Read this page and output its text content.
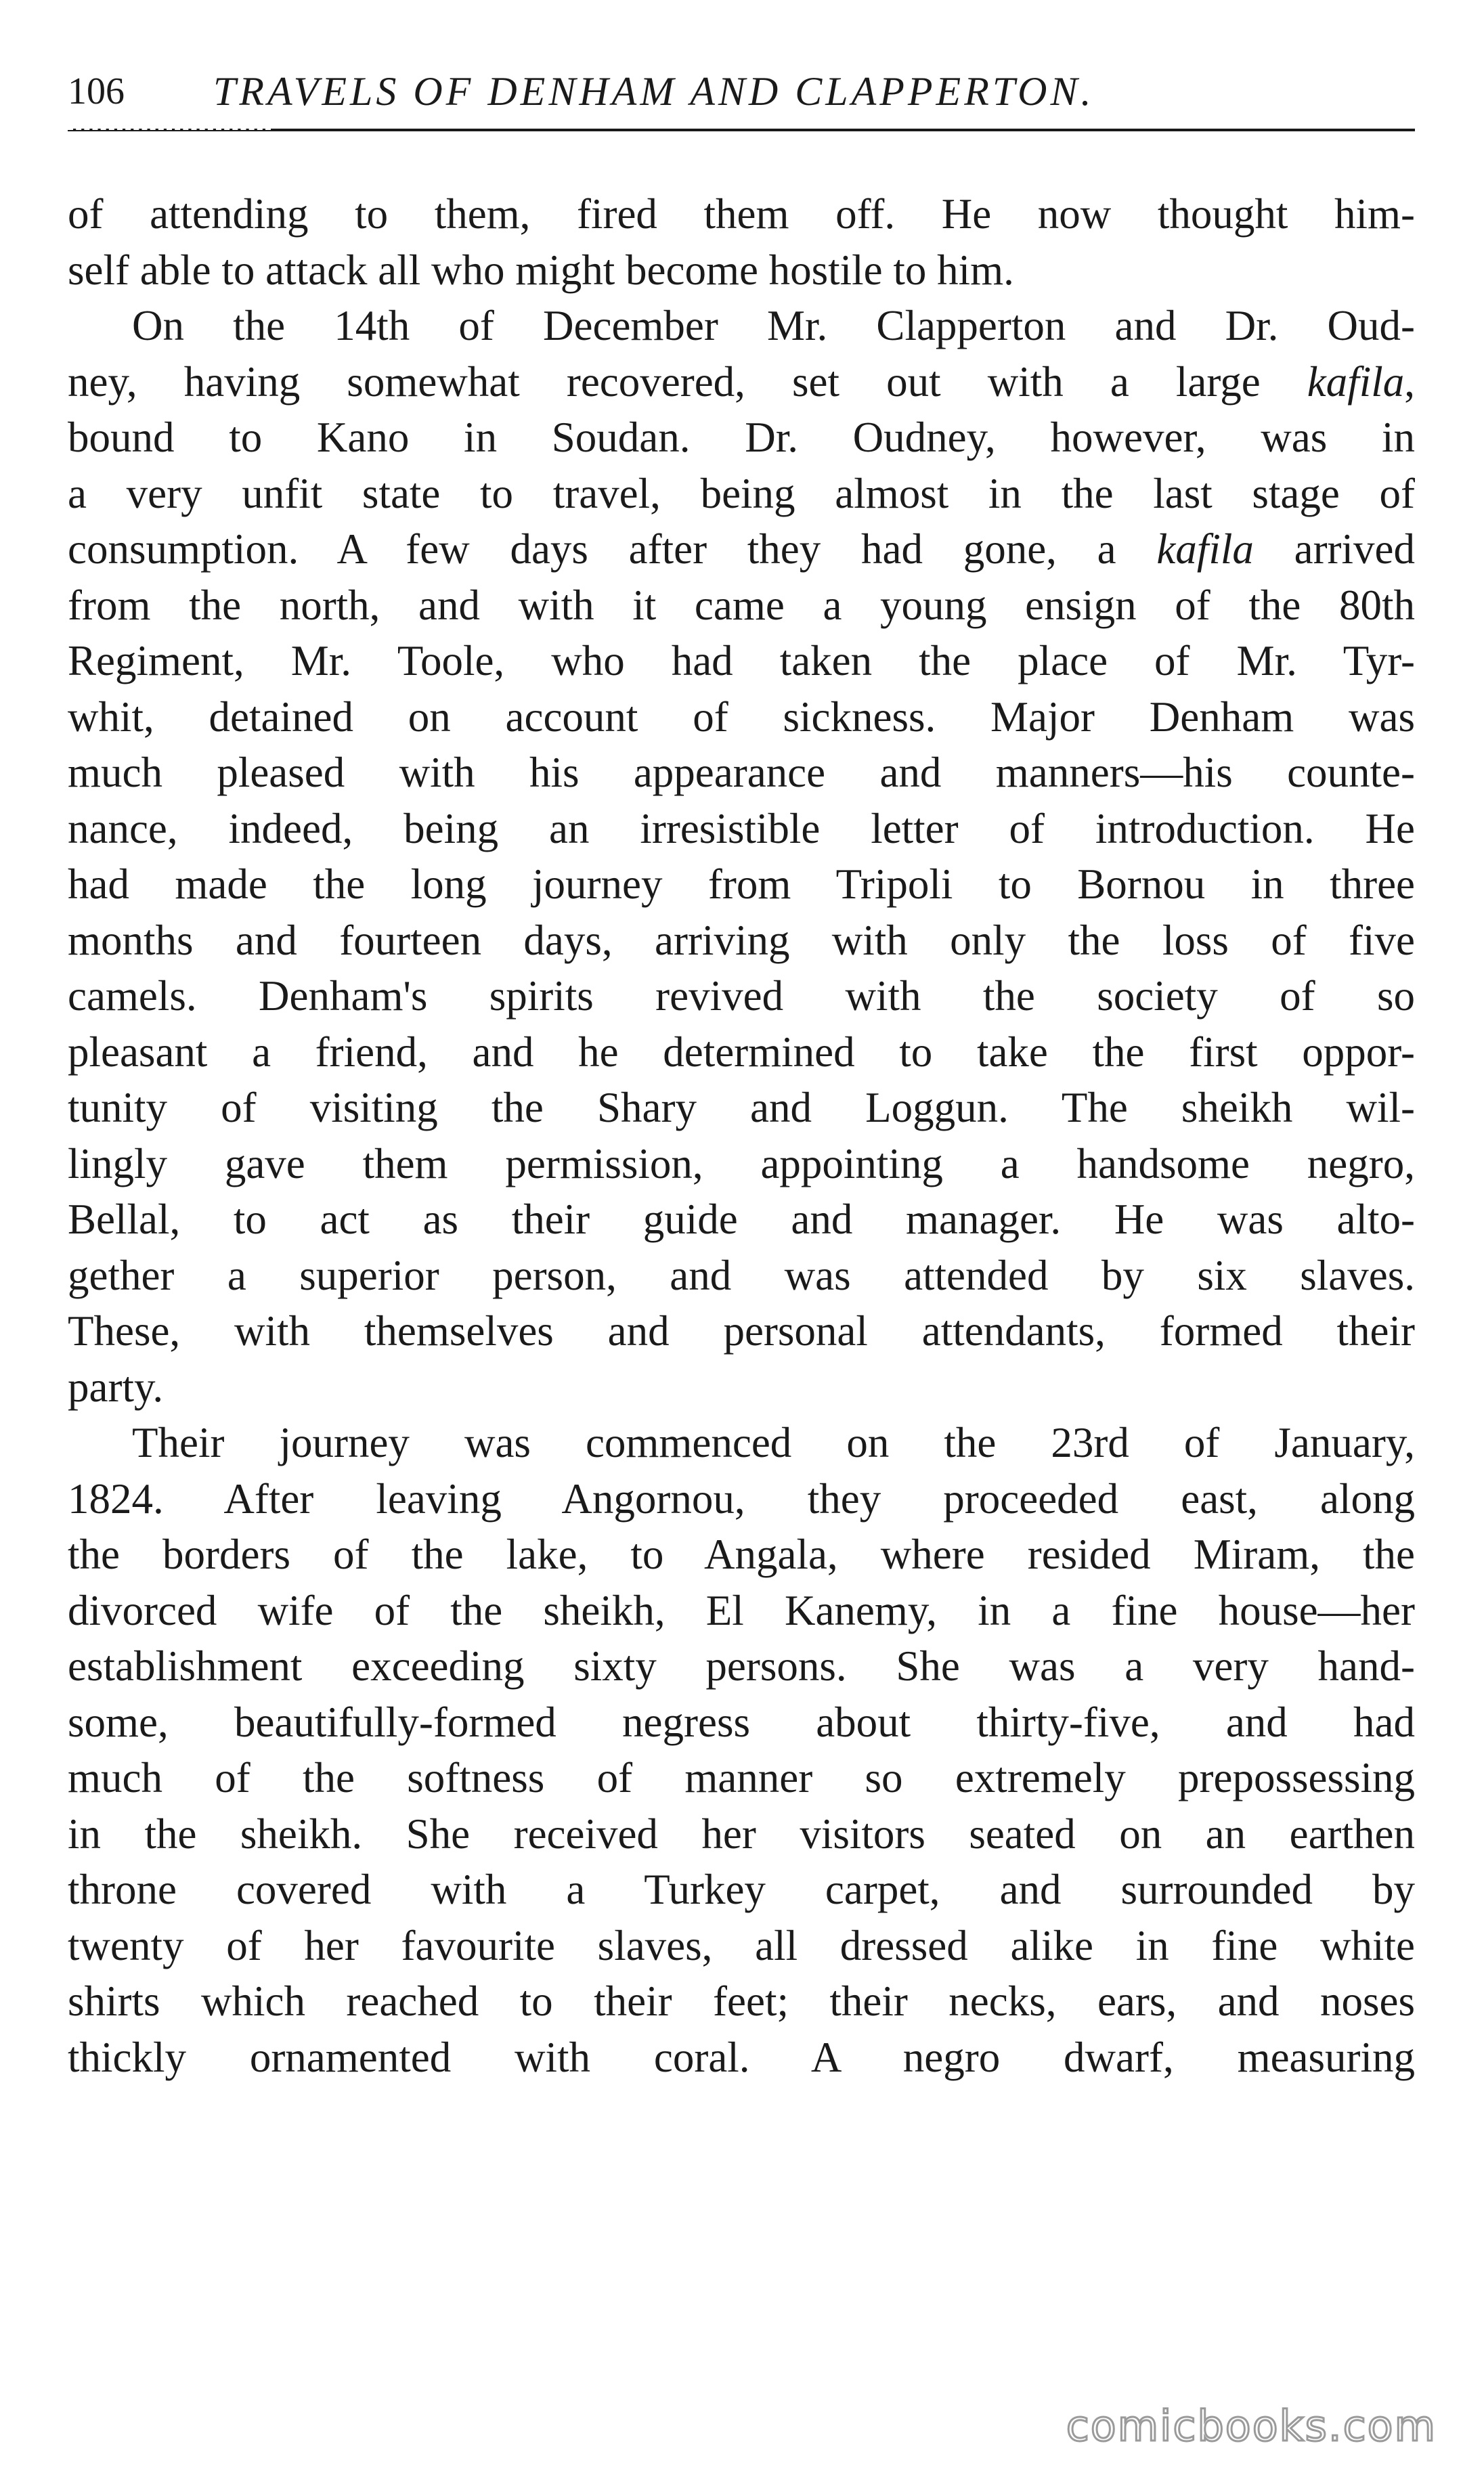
106 TRAVELS OF DENHAM AND CLAPPERTON.
of attending to them, fired them off. He now thought him-
self able to attack all who might become hostile to him.
On the 14th of December Mr. Clapperton and Dr. Oud-
ney, having somewhat recovered, set out with a large kafila,
bound to Kano in Soudan. Dr. Oudney, however, was in
a very unfit state to travel, being almost in the last stage of
consumption. A few days after they had gone, a kafila arrived
from the north, and with it came a young ensign of the 80th
Regiment, Mr. Toole, who had taken the place of Mr. Tyr-
whit, detained on account of sickness. Major Denham was
much pleased with his appearance and manners—his counte-
nance, indeed, being an irresistible letter of introduction. He
had made the long journey from Tripoli to Bornou in three
months and fourteen days, arriving with only the loss of five
camels. Denham's spirits revived with the society of so
pleasant a friend, and he determined to take the first oppor-
tunity of visiting the Shary and Loggun. The sheikh wil-
lingly gave them permission, appointing a handsome negro,
Bellal, to act as their guide and manager. He was alto-
gether a superior person, and was attended by six slaves.
These, with themselves and personal attendants, formed their
party.
Their journey was commenced on the 23rd of January,
1824. After leaving Angornou, they proceeded east, along
the borders of the lake, to Angala, where resided Miram, the
divorced wife of the sheikh, El Kanemy, in a fine house—her
establishment exceeding sixty persons. She was a very hand-
some, beautifully-formed negress about thirty-five, and had
much of the softness of manner so extremely prepossessing
in the sheikh. She received her visitors seated on an earthen
throne covered with a Turkey carpet, and surrounded by
twenty of her favourite slaves, all dressed alike in fine white
shirts which reached to their feet; their necks, ears, and noses
thickly ornamented with coral. A negro dwarf, measuring
comicbooks.com
